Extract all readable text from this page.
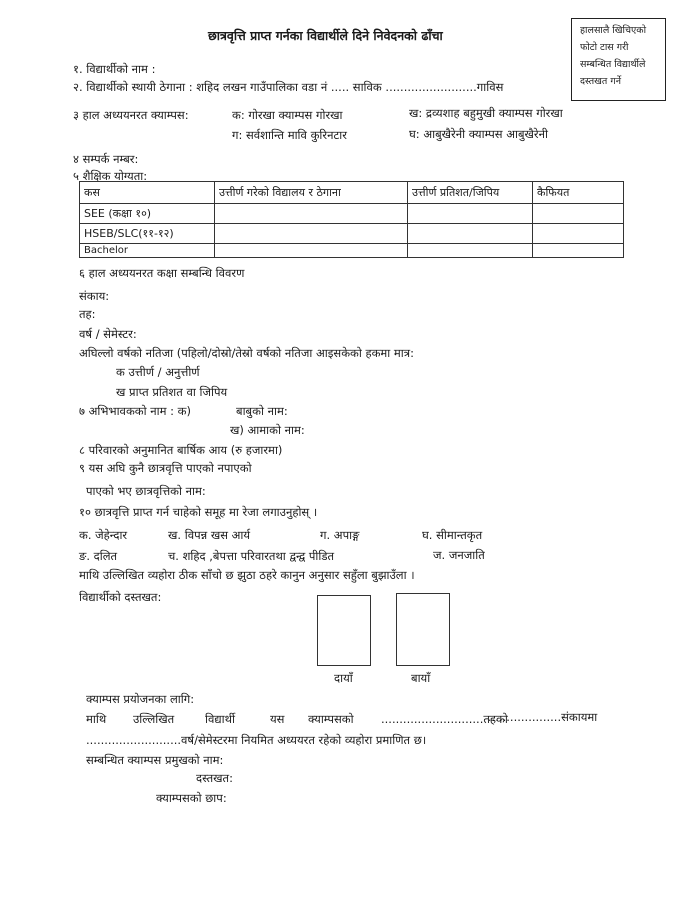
छात्रवृत्ति प्राप्त गर्नका विद्यार्थीले दिने निवेदनको ढाँचा	हालसालै खिचिएको
फोटो टास गरी
सम्बन्धित विद्यार्थीले
दस्तखत गर्ने
१. विद्यार्थीको नाम :
२. विद्यार्थीको स्थायी ठेगाना : शहिद लखन गाउँपालिका वडा नं ..... साविक .........................गाविस
३ हाल अध्ययनरत क्याम्पस:	क: गोरखा क्याम्पस गोरखा	ख: द्रव्यशाह बहुमुखी क्याम्पस गोरखा
ग: सर्वशान्ति मावि कुरिनटार	घ: आबुखैरेनी क्याम्पस आबुखैरेनी
४ सम्पर्क नम्बर:
५ शैक्षिक योग्यता:
कस	उत्तीर्ण गरेको विद्यालय र ठेगाना	उत्तीर्ण प्रतिशत/जिपिय	कैफियत
SEE (कक्षा १०)			
HSEB/SLC(११-१२)			
Bachelor			
६ हाल अध्ययनरत कक्षा सम्बन्धि विवरण
संकाय:
तह:
वर्ष / सेमेस्टर:
अघिल्लो वर्षको नतिजा (पहिलो/दोस्रो/तेस्रो वर्षको नतिजा आइसकेको हकमा मात्र:
क उत्तीर्ण / अनुत्तीर्ण
ख प्राप्त प्रतिशत वा जिपिय
७ अभिभावकको नाम : क)	बाबुको नाम:
ख) आमाको नाम:
८ परिवारको अनुमानित बार्षिक आय (रु हजारमा)
९ यस अघि कुनै छात्रवृत्ति पाएको नपाएको
पाएको भए छात्रवृत्तिको नाम:
१० छात्रवृत्ति प्राप्त गर्न चाहेको समूह मा रेजा लगाउनुहोस् ।
क. जेहेन्दार	ख. विपन्न खस आर्य	ग. अपाङ्ग	घ. सीमान्तकृत
ङ. दलित	च. शहिद ,बेपत्ता परिवारतथा द्वन्द्व पीडित	ज. जनजाति
माथि उल्लिखित व्यहोरा ठीक साँचो छ झुठा ठहरे कानुन अनुसार सहुँला बुझाउँला ।
विद्यार्थीको दस्तखत:
दायाँ	बायाँ
क्याम्पस प्रयोजनका लागि:
माथि उल्लिखित	विद्यार्थी	यस क्याम्पसको ............................तहको
....................संकायमा
..........................वर्ष/सेमेस्टरमा नियमित अध्ययरत रहेको व्यहोरा प्रमाणित छ।
सम्बन्धित क्याम्पस प्रमुखको नाम:
दस्तखत:
क्याम्पसको छाप:
